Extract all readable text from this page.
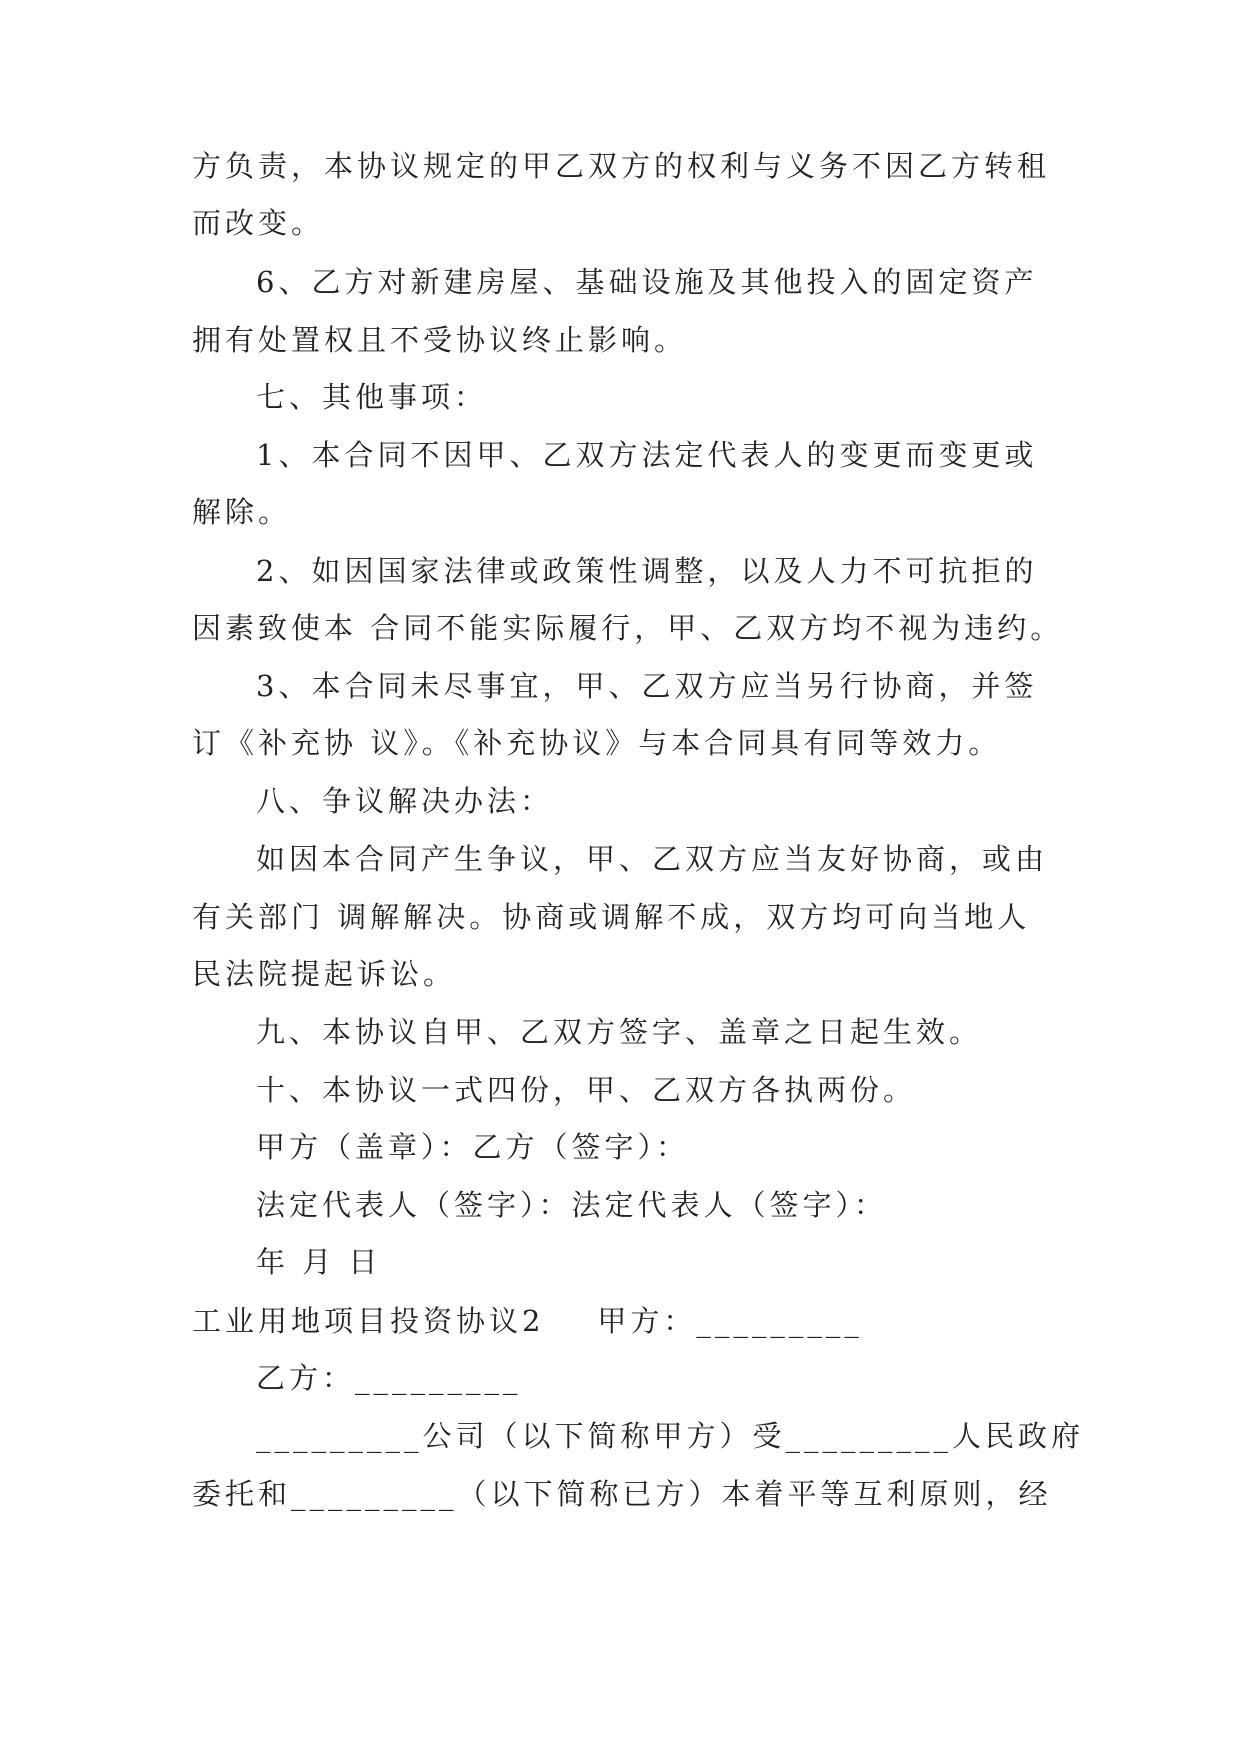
方负责，本协议规定的甲乙双方的权利与义务不因乙方转租
而改变。
6、乙方对新建房屋、基础设施及其他投入的固定资产
拥有处置权且不受协议终止影响。
七、其他事项：
1、本合同不因甲、乙双方法定代表人的变更而变更或
解除。
2、如因国家法律或政策性调整，以及人力不可抗拒的
因素致使本 合同不能实际履行，甲、乙双方均不视为违约。
3、本合同未尽事宜，甲、乙双方应当另行协商，并签
订《补充协 议》。《补充协议》与本合同具有同等效力。
八、争议解决办法：
如因本合同产生争议，甲、乙双方应当友好协商，或由
有关部门 调解解决。协商或调解不成，双方均可向当地人
民法院提起诉讼。
九、本协议自甲、乙双方签字、盖章之日起生效。
十、本协议一式四份，甲、乙双方各执两份。
甲方（盖章）：乙方（签字）：
法定代表人（签字）：法定代表人（签字）：
年 月 日
工业用地项目投资协议2    甲方：_________
乙方：_________
_________公司（以下简称甲方）受_________人民政府
委托和_________（以下简称已方）本着平等互利原则，经
